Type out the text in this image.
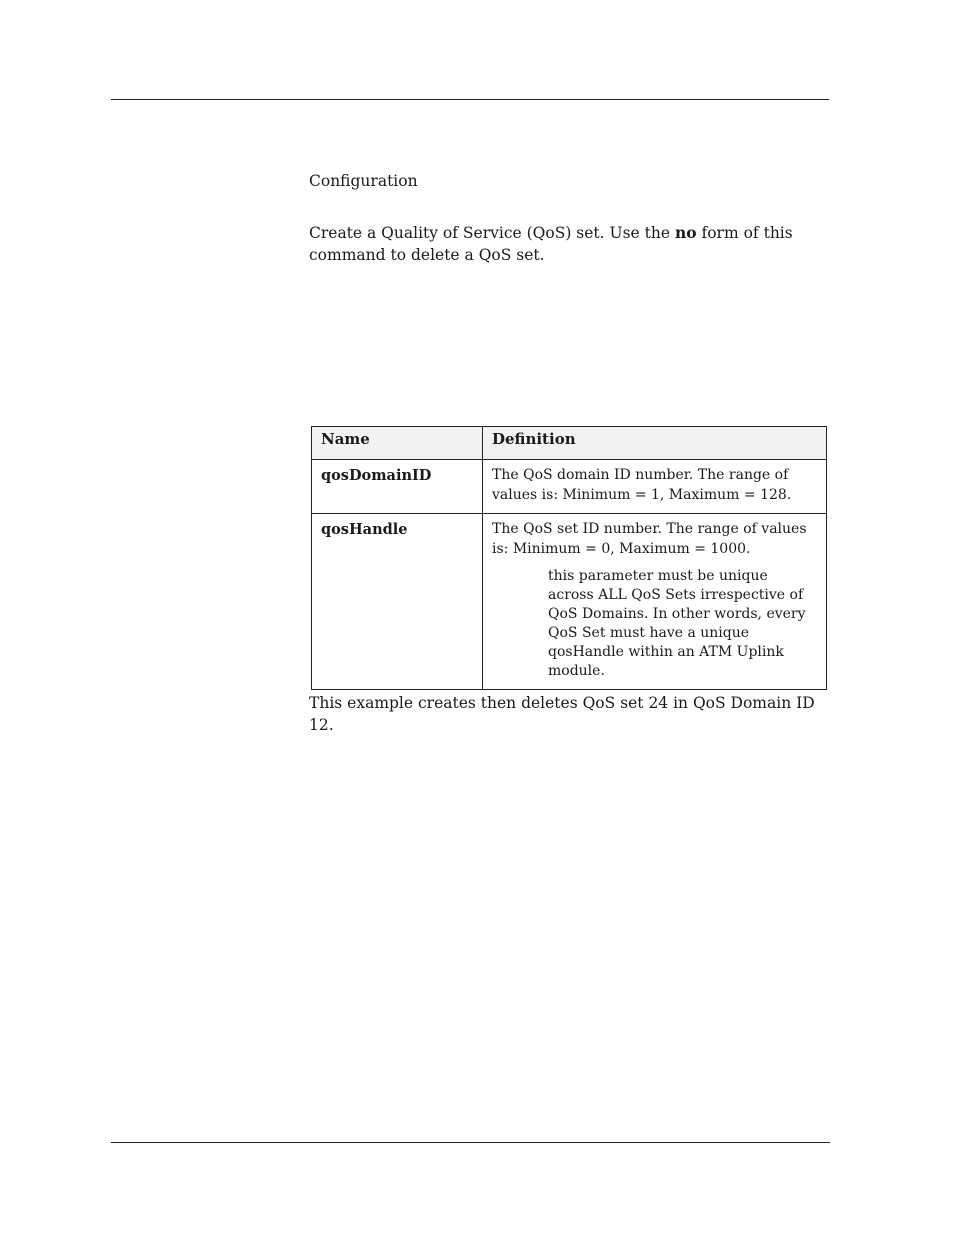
Configuration

Create a Quality of Service (QoS) set. Use the no form of this command to delete a QoS set.

Name	Definition
qosDomainID	The QoS domain ID number. The range of values is: Minimum = 1, Maximum = 128.
qosHandle	The QoS set ID number. The range of values is: Minimum = 0, Maximum = 1000.
this parameter must be unique across ALL QoS Sets irrespective of QoS Domains. In other words, every QoS Set must have a unique qosHandle within an ATM Uplink module.

This example creates then deletes QoS set 24 in QoS Domain ID 12.
